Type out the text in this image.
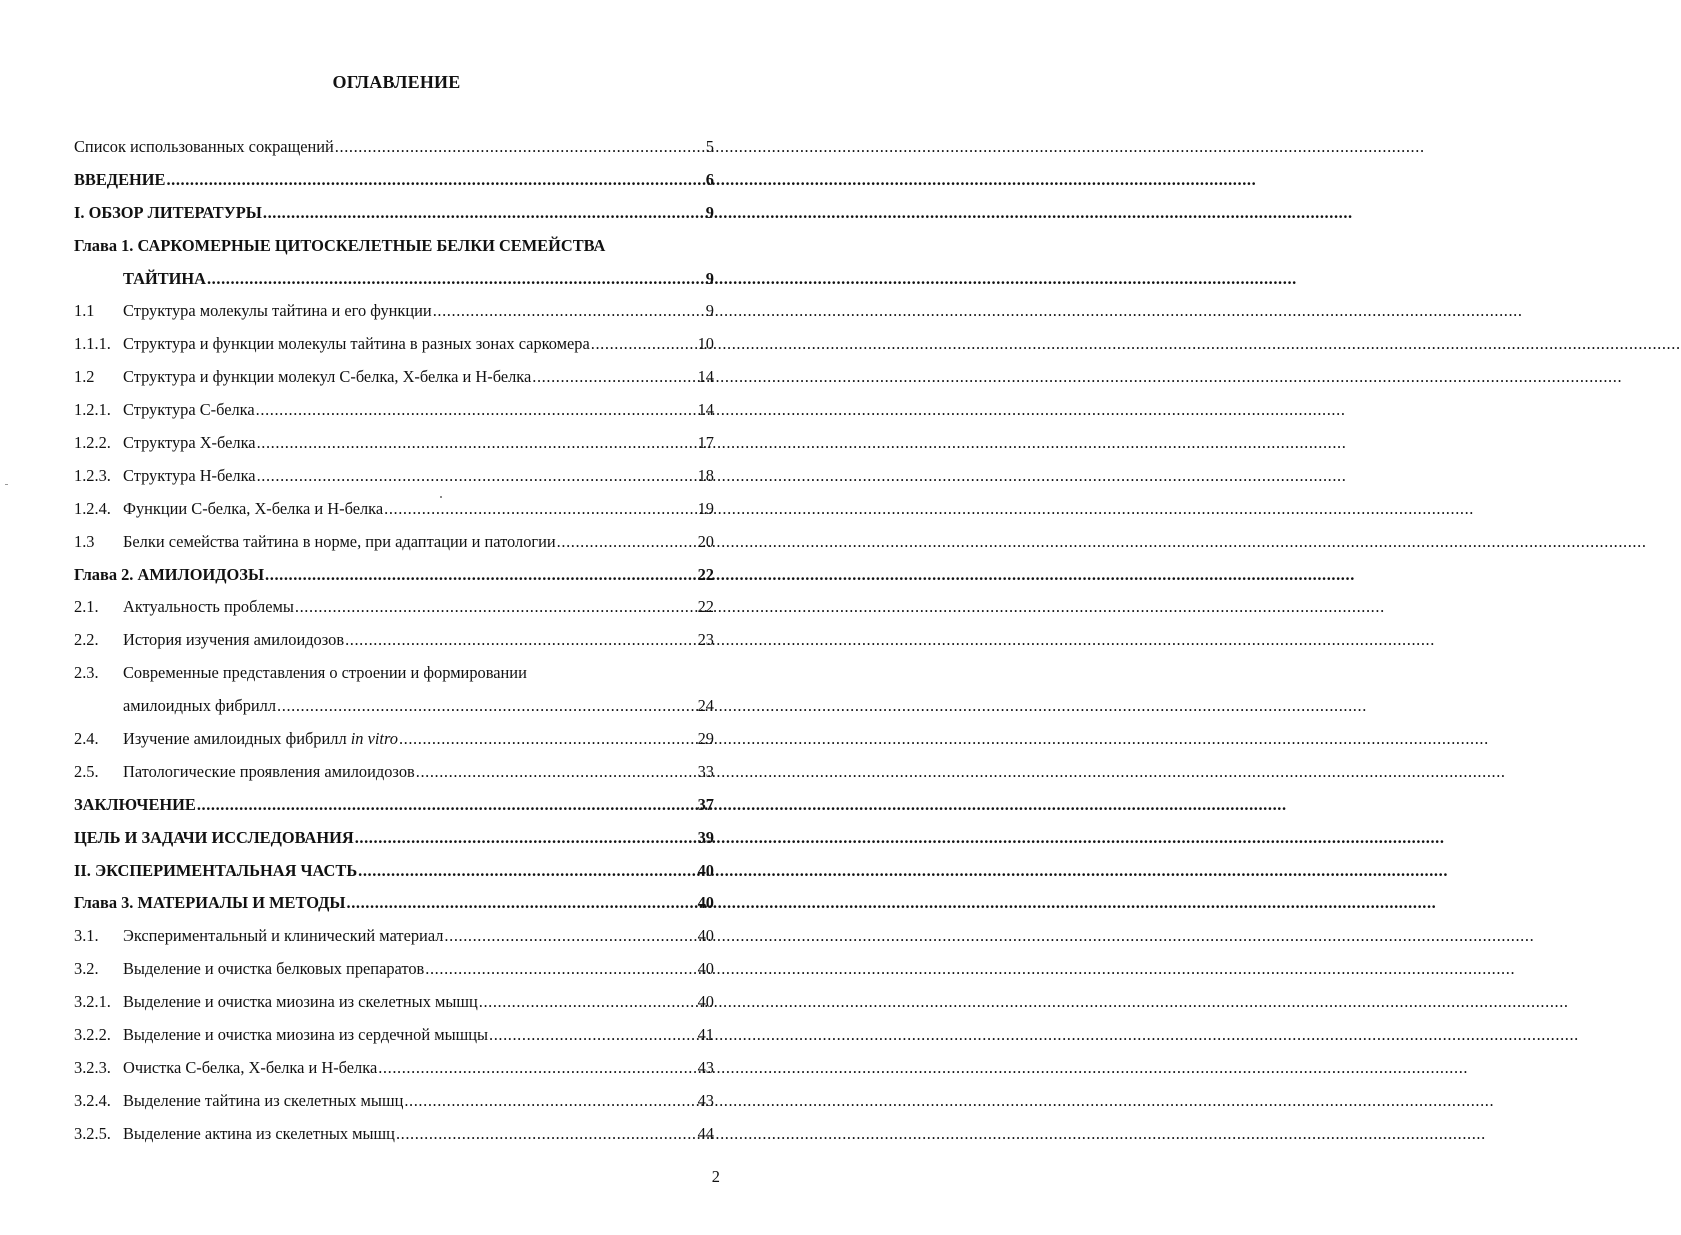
ОГЛАВЛЕНИЕ
Список использованных сокращений .....	5
ВВЕДЕНИЕ .....	6
I. ОБЗОР ЛИТЕРАТУРЫ .....	9
Глава 1. САРКОМЕРНЫЕ ЦИТОСКЕЛЕТНЫЕ БЕЛКИ СЕМЕЙСТВА
ТАЙТИНА .....	9
1.1	Структура молекулы тайтина и его функции .....	9
1.1.1. Структура и функции молекулы тайтина в разных зонах саркомера .....	10
1.2	Структура и функции молекул С-белка, Х-белка и Н-белка .....	14
1.2.1. Структура С-белка .....	14
1.2.2. Структура Х-белка .....	17
1.2.3. Структура Н-белка .....	18
1.2.4. Функции С-белка, Х-белка и Н-белка .....	19
1.3	Белки семейства тайтина в норме, при адаптации и патологии .....	20
Глава 2. АМИЛОИДОЗЫ .....	22
2.1.	Актуальность проблемы .....	22
2.2.	История изучения амилоидозов .....	23
2.3.	Современные представления о строении и формировании
амилоидных фибрилл .....	24
2.4.	Изучение амилоидных фибрилл in vitro .....	29
2.5.	Патологические проявления амилоидозов .....	33
ЗАКЛЮЧЕНИЕ .....	37
ЦЕЛЬ И ЗАДАЧИ ИССЛЕДОВАНИЯ .....	39
II. ЭКСПЕРИМЕНТАЛЬНАЯ ЧАСТЬ .....	40
Глава 3. МАТЕРИАЛЫ И МЕТОДЫ .....	40
3.1.	Экспериментальный и клинический материал .....	40
3.2.	Выделение и очистка белковых препаратов .....	40
3.2.1. Выделение и очистка миозина из скелетных мышц .....	40
3.2.2. Выделение и очистка миозина из сердечной мышцы .....	41
3.2.3. Очистка С-белка, Х-белка и Н-белка .....	43
3.2.4. Выделение тайтина из скелетных мышц .....	43
3.2.5. Выделение актина из скелетных мышц .....	44
2
